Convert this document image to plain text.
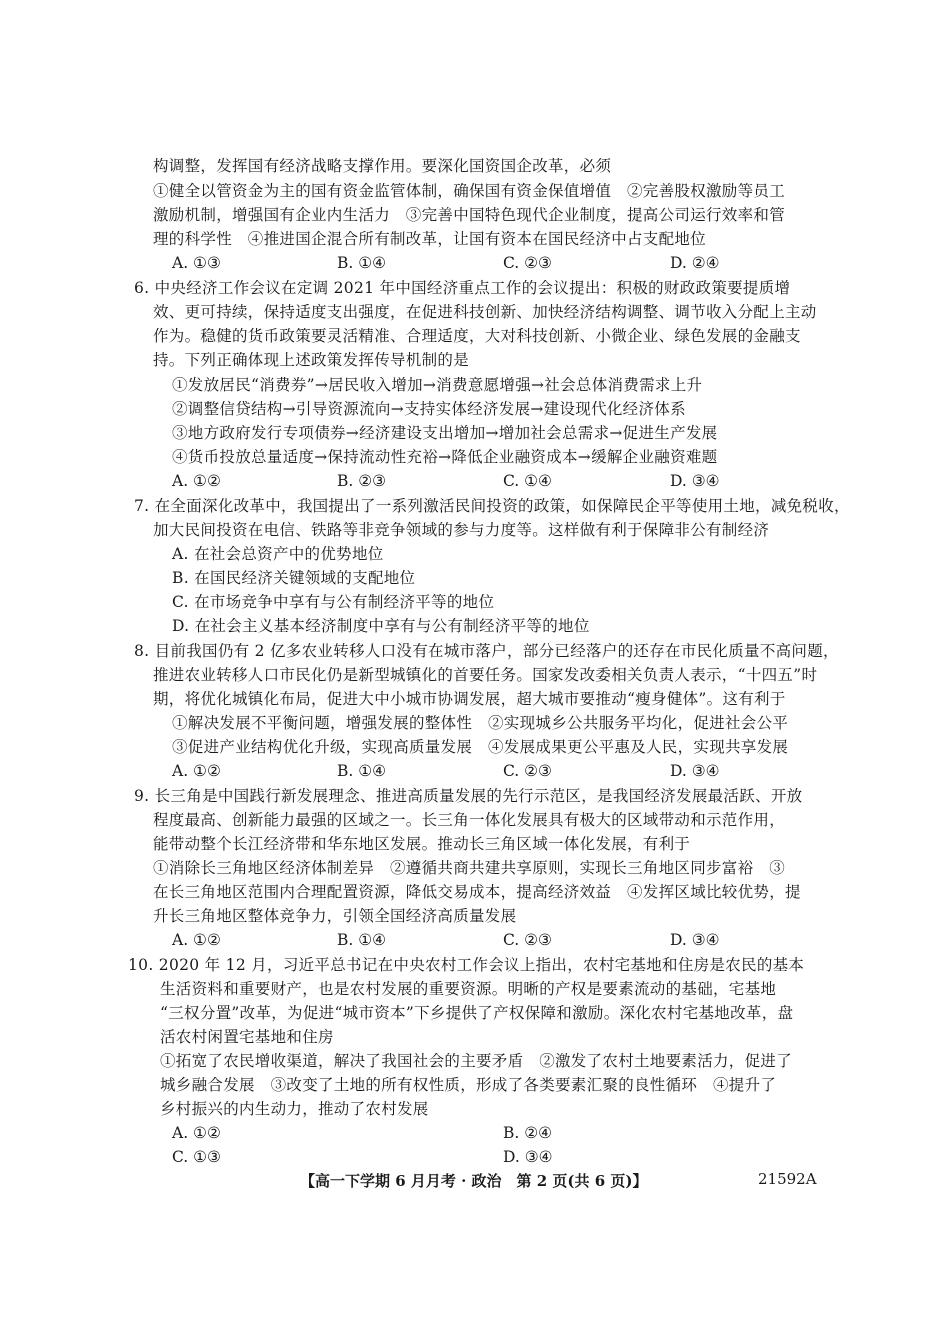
构调整，发挥国有经济战略支撑作用。要深化国资国企改革，必须
①健全以管资金为主的国有资金监管体制，确保国有资金保值增值　②完善股权激励等员工
激励机制，增强国有企业内生活力　③完善中国特色现代企业制度，提高公司运行效率和管
理的科学性　④推进国企混合所有制改革，让国有资本在国民经济中占支配地位
A. ①③	B. ①④	C. ②③	D. ②④
6. 中央经济工作会议在定调 2021 年中国经济重点工作的会议提出：积极的财政政策要提质增
效、更可持续，保持适度支出强度，在促进科技创新、加快经济结构调整、调节收入分配上主动
作为。稳健的货币政策要灵活精准、合理适度，大对科技创新、小微企业、绿色发展的金融支
持。下列正确体现上述政策发挥传导机制的是
①发放居民“消费券”→居民收入增加→消费意愿增强→社会总体消费需求上升
②调整信贷结构→引导资源流向→支持实体经济发展→建设现代化经济体系
③地方政府发行专项债券→经济建设支出增加→增加社会总需求→促进生产发展
④货币投放总量适度→保持流动性充裕→降低企业融资成本→缓解企业融资难题
A. ①②	B. ②③	C. ①④	D. ③④
7. 在全面深化改革中，我国提出了一系列激活民间投资的政策，如保障民企平等使用土地，减免税收，
加大民间投资在电信、铁路等非竞争领域的参与力度等。这样做有利于保障非公有制经济
A. 在社会总资产中的优势地位
B. 在国民经济关键领域的支配地位
C. 在市场竞争中享有与公有制经济平等的地位
D. 在社会主义基本经济制度中享有与公有制经济平等的地位
8. 目前我国仍有 2 亿多农业转移人口没有在城市落户，部分已经落户的还存在市民化质量不高问题，
推进农业转移人口市民化仍是新型城镇化的首要任务。国家发改委相关负责人表示，“十四五”时
期，将优化城镇化布局，促进大中小城市协调发展，超大城市要推动“瘦身健体”。这有利于
①解决发展不平衡问题，增强发展的整体性　②实现城乡公共服务平均化，促进社会公平
③促进产业结构优化升级，实现高质量发展　④发展成果更公平惠及人民，实现共享发展
A. ①②	B. ①④	C. ②③	D. ③④
9. 长三角是中国践行新发展理念、推进高质量发展的先行示范区，是我国经济发展最活跃、开放
程度最高、创新能力最强的区域之一。长三角一体化发展具有极大的区域带动和示范作用，
能带动整个长江经济带和华东地区发展。推动长三角区域一体化发展，有利于
①消除长三角地区经济体制差异　②遵循共商共建共享原则，实现长三角地区同步富裕　③
在长三角地区范围内合理配置资源，降低交易成本，提高经济效益　④发挥区域比较优势，提
升长三角地区整体竞争力，引领全国经济高质量发展
A. ①②	B. ①④	C. ②③	D. ③④
10. 2020 年 12 月，习近平总书记在中央农村工作会议上指出，农村宅基地和住房是农民的基本
生活资料和重要财产，也是农村发展的重要资源。明晰的产权是要素流动的基础，宅基地
“三权分置”改革，为促进“城市资本”下乡提供了产权保障和激励。深化农村宅基地改革，盘
活农村闲置宅基地和住房
①拓宽了农民增收渠道，解决了我国社会的主要矛盾　②激发了农村土地要素活力，促进了
城乡融合发展　③改变了土地的所有权性质，形成了各类要素汇聚的良性循环　④提升了
乡村振兴的内生动力，推动了农村发展
A. ①②	B. ②④
C. ①③	D. ③④
【高一下学期 6 月月考 · 政治　第 2 页(共 6 页)】	21592A
